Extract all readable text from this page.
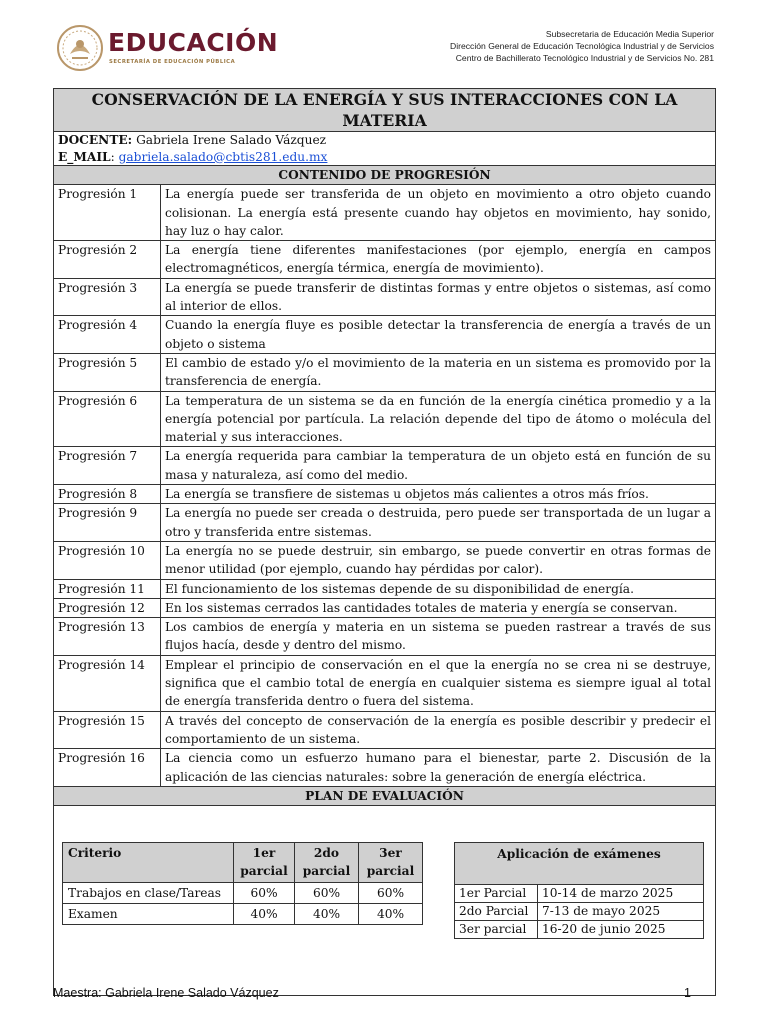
EDUCACIÓN
SECRETARÍA DE EDUCACIÓN PÚBLICA
Subsecretaria de Educación Media Superior
Dirección General de Educación Tecnológica Industrial y de Servicios
Centro de Bachillerato Tecnológico Industrial y de Servicios No. 281
CONSERVACIÓN DE LA ENERGÍA Y SUS INTERACCIONES CON LA MATERIA

DOCENTE: Gabriela Irene Salado Vázquez
E_MAIL: gabriela.salado@cbtis281.edu.mx

CONTENIDO DE PROGRESIÓN
Progresión 1	La energía puede ser transferida de un objeto en movimiento a otro objeto cuando colisionan. La energía está presente cuando hay objetos en movimiento, hay sonido, hay luz o hay calor.
Progresión 2	La energía tiene diferentes manifestaciones (por ejemplo, energía en campos electromagnéticos, energía térmica, energía de movimiento).
Progresión 3	La energía se puede transferir de distintas formas y entre objetos o sistemas, así como al interior de ellos.
Progresión 4	Cuando la energía fluye es posible detectar la transferencia de energía a través de un objeto o sistema
Progresión 5	El cambio de estado y/o el movimiento de la materia en un sistema es promovido por la transferencia de energía.
Progresión 6	La temperatura de un sistema se da en función de la energía cinética promedio y a la energía potencial por partícula. La relación depende del tipo de átomo o molécula del material y sus interacciones.
Progresión 7	La energía requerida para cambiar la temperatura de un objeto está en función de su masa y naturaleza, así como del medio.
Progresión 8	La energía se transfiere de sistemas u objetos más calientes a otros más fríos.
Progresión 9	La energía no puede ser creada o destruida, pero puede ser transportada de un lugar a otro y transferida entre sistemas.
Progresión 10	La energía no se puede destruir, sin embargo, se puede convertir en otras formas de menor utilidad (por ejemplo, cuando hay pérdidas por calor).
Progresión 11	El funcionamiento de los sistemas depende de su disponibilidad de energía.
Progresión 12	En los sistemas cerrados las cantidades totales de materia y energía se conservan.
Progresión 13	Los cambios de energía y materia en un sistema se pueden rastrear a través de sus flujos hacía, desde y dentro del mismo.
Progresión 14	Emplear el principio de conservación en el que la energía no se crea ni se destruye, significa que el cambio total de energía en cualquier sistema es siempre igual al total de energía transferida dentro o fuera del sistema.
Progresión 15	A través del concepto de conservación de la energía es posible describir y predecir el comportamiento de un sistema.
Progresión 16	La ciencia como un esfuerzo humano para el bienestar, parte 2. Discusión de la aplicación de las ciencias naturales: sobre la generación de energía eléctrica.
PLAN DE EVALUACIÓN

Criterio	1er parcial	2do parcial	3er parcial
Trabajos en clase/Tareas	60%	60%	60%
Examen	40%	40%	40%
Aplicación de exámenes
1er Parcial	10-14 de marzo 2025
2do Parcial	7-13 de mayo 2025
3er parcial	16-20 de junio 2025
Maestra: Gabriela Irene Salado Vázquez	1
